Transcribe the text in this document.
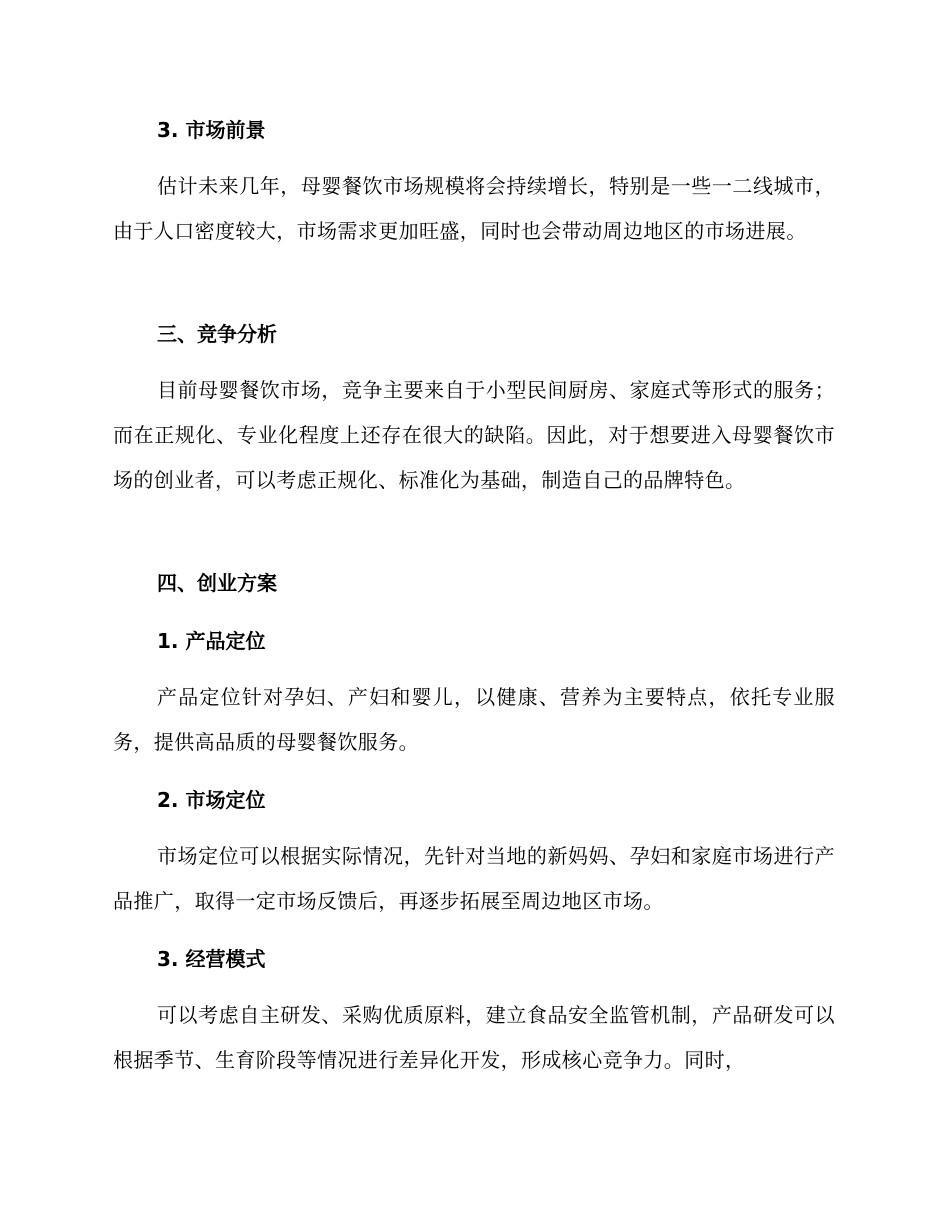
3. 市场前景

估计未来几年，母婴餐饮市场规模将会持续增长，特别是一些一二线城市，由于人口密度较大，市场需求更加旺盛，同时也会带动周边地区的市场进展。

三、竞争分析

目前母婴餐饮市场，竞争主要来自于小型民间厨房、家庭式等形式的服务；而在正规化、专业化程度上还存在很大的缺陷。因此，对于想要进入母婴餐饮市场的创业者，可以考虑正规化、标准化为基础，制造自己的品牌特色。

四、创业方案
1. 产品定位

产品定位针对孕妇、产妇和婴儿，以健康、营养为主要特点，依托专业服务，提供高品质的母婴餐饮服务。

2. 市场定位

市场定位可以根据实际情况，先针对当地的新妈妈、孕妇和家庭市场进行产品推广，取得一定市场反馈后，再逐步拓展至周边地区市场。

3. 经营模式

可以考虑自主研发、采购优质原料，建立食品安全监管机制，产品研发可以根据季节、生育阶段等情况进行差异化开发，形成核心竞争力。同时，
